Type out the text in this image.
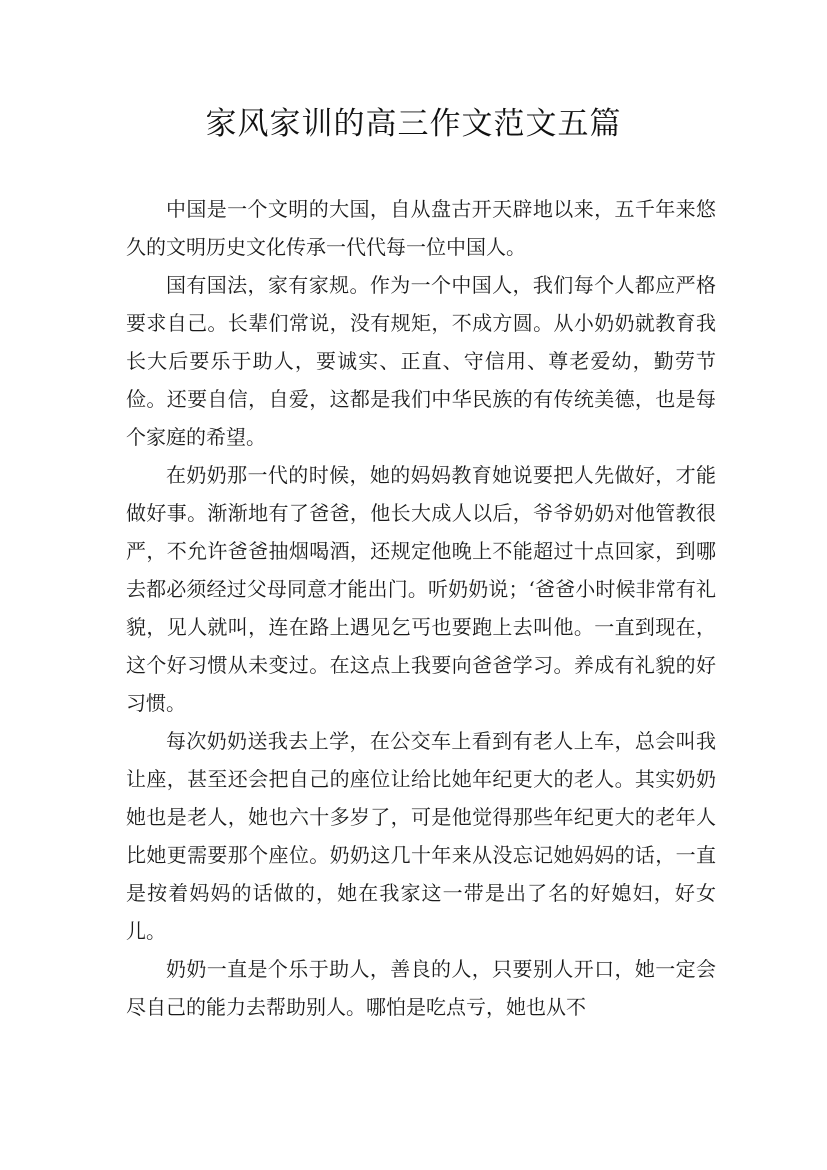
家风家训的高三作文范文五篇

中国是一个文明的大国，自从盘古开天辟地以来，五千年来悠久的文明历史文化传承一代代每一位中国人。

国有国法，家有家规。作为一个中国人，我们每个人都应严格要求自己。长辈们常说，没有规矩，不成方圆。从小奶奶就教育我长大后要乐于助人，要诚实、正直、守信用、尊老爱幼，勤劳节俭。还要自信，自爱，这都是我们中华民族的有传统美德，也是每个家庭的希望。

在奶奶那一代的时候，她的妈妈教育她说要把人先做好，才能做好事。渐渐地有了爸爸，他长大成人以后，爷爷奶奶对他管教很严，不允许爸爸抽烟喝酒，还规定他晚上不能超过十点回家，到哪去都必须经过父母同意才能出门。听奶奶说；‘爸爸小时候非常有礼貌，见人就叫，连在路上遇见乞丐也要跑上去叫他。一直到现在，这个好习惯从未变过。在这点上我要向爸爸学习。养成有礼貌的好习惯。

每次奶奶送我去上学，在公交车上看到有老人上车，总会叫我让座，甚至还会把自己的座位让给比她年纪更大的老人。其实奶奶她也是老人，她也六十多岁了，可是他觉得那些年纪更大的老年人比她更需要那个座位。奶奶这几十年来从没忘记她妈妈的话，一直是按着妈妈的话做的，她在我家这一带是出了名的好媳妇，好女儿。

奶奶一直是个乐于助人，善良的人，只要别人开口，她一定会尽自己的能力去帮助别人。哪怕是吃点亏，她也从不
